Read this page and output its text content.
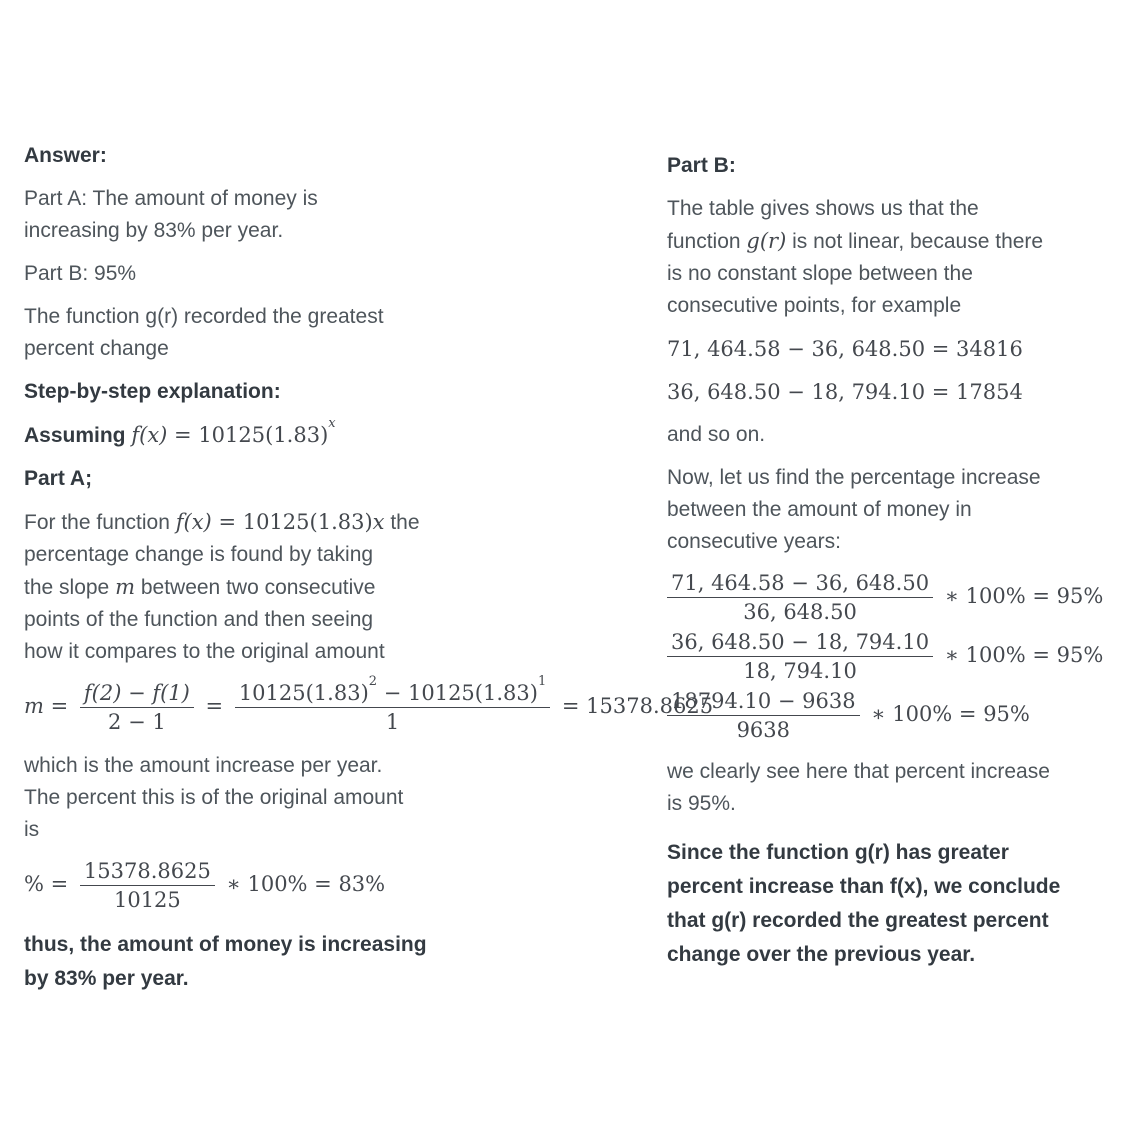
Answer:
Part A: The amount of money is
increasing by 83% per year.
Part B: 95%
The function g(r) recorded the greatest
percent change
Step-by-step explanation:
Assuming $f(x) = 10125(1.83)^x$
Part A;
For the function f(x) = 10125(1.83)x the
percentage change is found by taking
the slope m between two consecutive
points of the function and then seeing
how it compares to the original amount
$m = \frac{f(2) - f(1)}{2 - 1} = \frac{10125(1.83)^2 - 10125(1.83)^1}{1} = 15378.8625$
which is the amount increase per year.
The percent this is of the original amount
is
% = $\frac{15378.8625}{10125}$ ∗ 100% = 83%
thus, the amount of money is increasing
by 83% per year.
Part B:
The table gives shows us that the
function g(r) is not linear, because there
is no constant slope between the
consecutive points, for example
71, 464.58 − 36, 648.50 = 34816
36, 648.50 − 18, 794.10 = 17854
and so on.
Now, let us find the percentage increase
between the amount of money in
consecutive years:
$\frac{71, 464.58 - 36, 648.50}{36, 648.50}$ ∗ 100% = 95%
$\frac{36, 648.50 - 18, 794.10}{18, 794.10}$ ∗ 100% = 95%
$\frac{18794.10 - 9638}{9638}$ ∗ 100% = 95%
we clearly see here that percent increase
is 95%.
Since the function g(r) has greater
percent increase than f(x), we conclude
that g(r) recorded the greatest percent
change over the previous year.
